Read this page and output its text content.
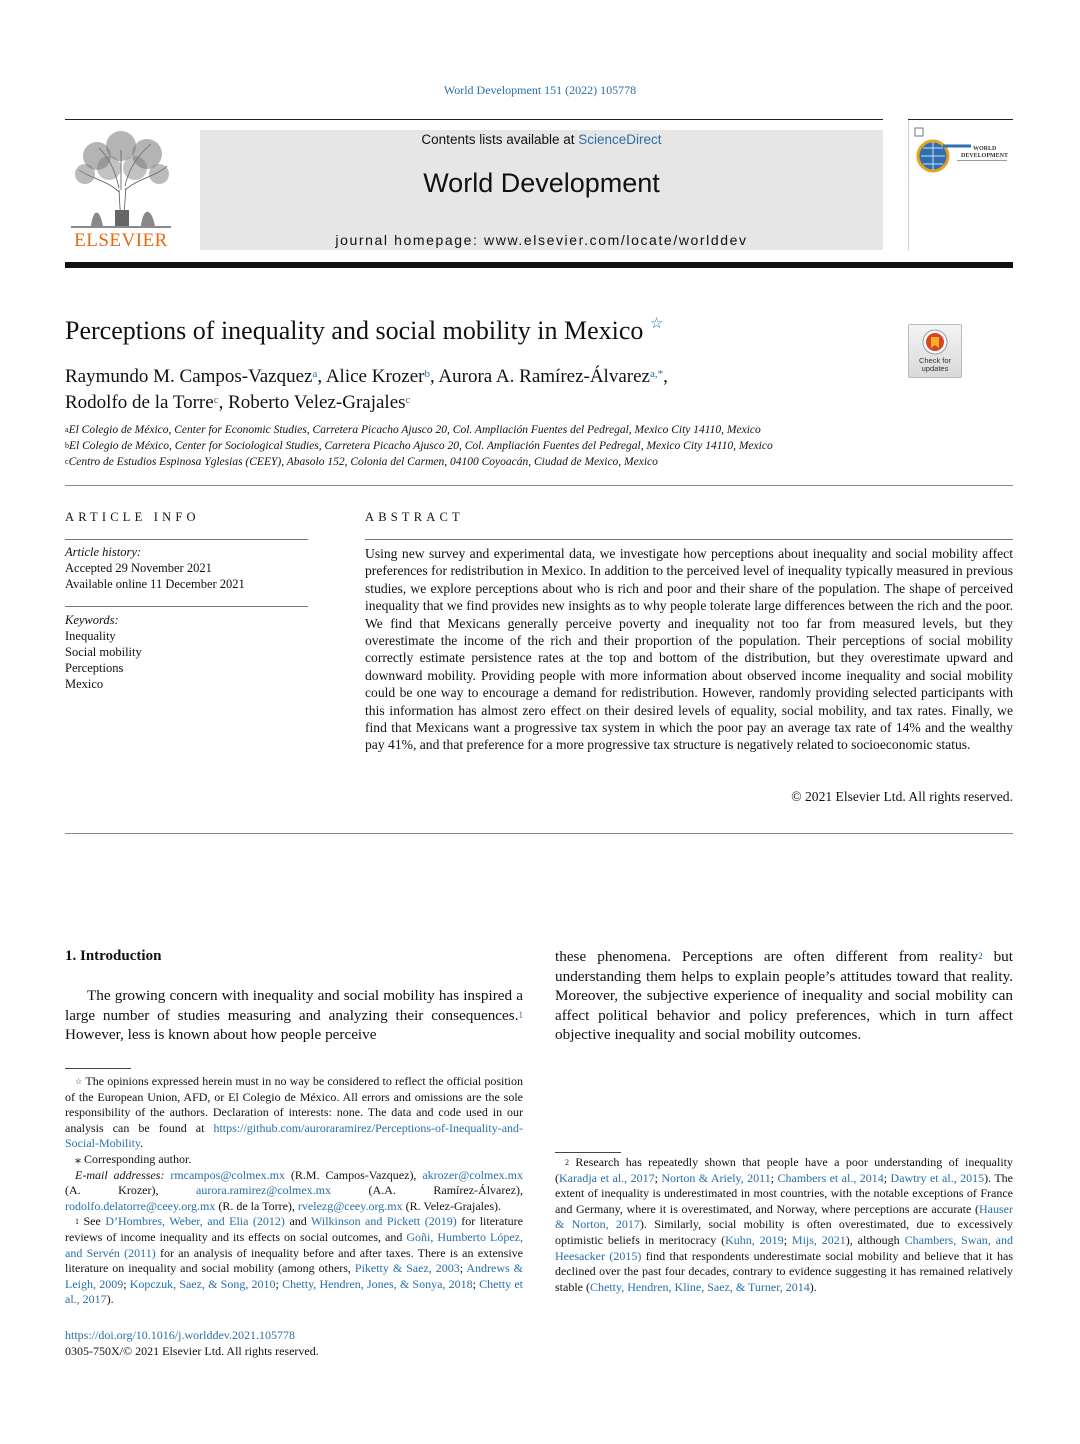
World Development 151 (2022) 105778
ELSEVIER
Contents lists available at ScienceDirect
World Development
journal homepage: www.elsevier.com/locate/worlddev
WORLD
DEVELOPMENT
Perceptions of inequality and social mobility in Mexico ☆
Check for
updates
Raymundo M. Campos-Vazquez$^a$, Alice Krozer$^b$, Aurora A. Ramírez-Álvarez$^{a,*}$,
Rodolfo de la Torre$^c$, Roberto Velez-Grajales$^c$
$^a$El Colegio de México, Center for Economic Studies, Carretera Picacho Ajusco 20, Col. Ampliación Fuentes del Pedregal, Mexico City 14110, Mexico
$^b$El Colegio de México, Center for Sociological Studies, Carretera Picacho Ajusco 20, Col. Ampliación Fuentes del Pedregal, Mexico City 14110, Mexico
$^c$Centro de Estudios Espinosa Yglesias (CEEY), Abasolo 152, Colonia del Carmen, 04100 Coyoacán, Ciudad de Mexico, Mexico
ARTICLE INFO
Article history:
Accepted 29 November 2021
Available online 11 December 2021
Keywords:
Inequality
Social mobility
Perceptions
Mexico
ABSTRACT
Using new survey and experimental data, we investigate how perceptions about inequality and social mobility affect preferences for redistribution in Mexico. In addition to the perceived level of inequality typically measured in previous studies, we explore perceptions about who is rich and poor and their share of the population. The shape of perceived inequality that we find provides new insights as to why people tolerate large differences between the rich and the poor. We find that Mexicans generally perceive poverty and inequality not too far from measured levels, but they overestimate the income of the rich and their proportion of the population. Their perceptions of social mobility correctly estimate persistence rates at the top and bottom of the distribution, but they overestimate upward and downward mobility. Providing people with more information about observed income inequality and social mobility could be one way to encourage a demand for redistribution. However, randomly providing selected participants with this information has almost zero effect on their desired levels of equality, social mobility, and tax rates. Finally, we find that Mexicans want a progressive tax system in which the poor pay an average tax rate of 14% and the wealthy pay 41%, and that preference for a more progressive tax structure is negatively related to socioeconomic status.
© 2021 Elsevier Ltd. All rights reserved.
1. Introduction
The growing concern with inequality and social mobility has inspired a large number of studies measuring and analyzing their consequences.$^1$ However, less is known about how people perceive
these phenomena. Perceptions are often different from reality$^2$ but understanding them helps to explain people’s attitudes toward that reality. Moreover, the subjective experience of inequality and social mobility can affect political behavior and policy preferences, which in turn affect objective inequality and social mobility outcomes.

☆ The opinions expressed herein must in no way be considered to reflect the official position of the European Union, AFD, or El Colegio de México. All errors and omissions are the sole responsibility of the authors. Declaration of interests: none. The data and code used in our analysis can be found at https://github.com/auroraramirez/Perceptions-of-Inequality-and-Social-Mobility.

⁎ Corresponding author.

E-mail addresses: rmcampos@colmex.mx (R.M. Campos-Vazquez), akrozer@colmex.mx (A. Krozer), aurora.ramirez@colmex.mx (A.A. Ramírez-Álvarez), rodolfo.delatorre@ceey.org.mx (R. de la Torre), rvelezg@ceey.org.mx (R. Velez-Grajales).

$^1$ See D’Hombres, Weber, and Elia (2012) and Wilkinson and Pickett (2019) for literature reviews of income inequality and its effects on social outcomes, and Goñi, Humberto López, and Servén (2011) for an analysis of inequality before and after taxes. There is an extensive literature on inequality and social mobility (among others, Piketty & Saez, 2003; Andrews & Leigh, 2009; Kopczuk, Saez, & Song, 2010; Chetty, Hendren, Jones, & Sonya, 2018; Chetty et al., 2017).

$^2$ Research has repeatedly shown that people have a poor understanding of inequality (Karadja et al., 2017; Norton & Ariely, 2011; Chambers et al., 2014; Dawtry et al., 2015). The extent of inequality is underestimated in most countries, with the notable exceptions of France and Germany, where it is overestimated, and Norway, where perceptions are accurate (Hauser & Norton, 2017). Similarly, social mobility is often overestimated, due to excessively optimistic beliefs in meritocracy (Kuhn, 2019; Mijs, 2021), although Chambers, Swan, and Heesacker (2015) find that respondents underestimate social mobility and believe that it has declined over the past four decades, contrary to evidence suggesting it has remained relatively stable (Chetty, Hendren, Kline, Saez, & Turner, 2014).

https://doi.org/10.1016/j.worlddev.2021.105778
0305-750X/© 2021 Elsevier Ltd. All rights reserved.
